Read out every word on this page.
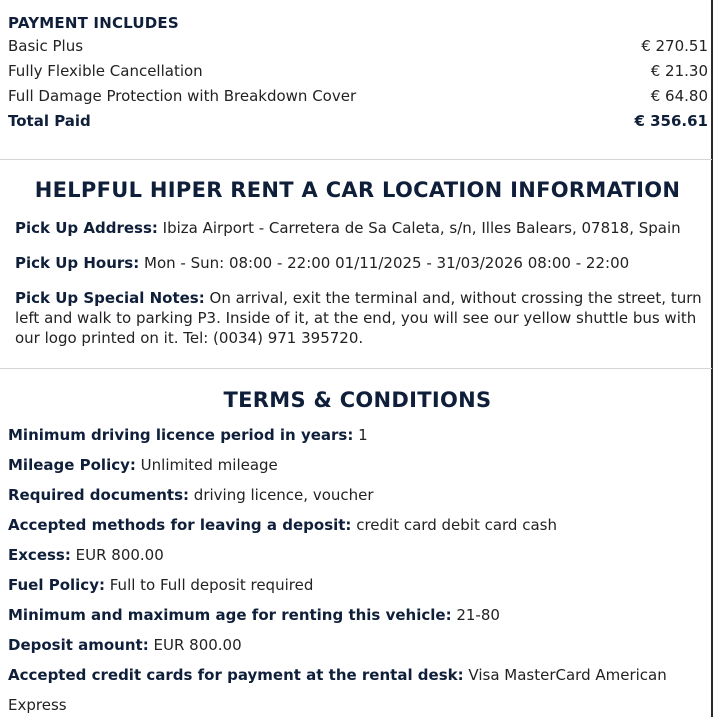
PAYMENT INCLUDES
Basic Plus	€ 270.51
Fully Flexible Cancellation	€ 21.30
Full Damage Protection with Breakdown Cover	€ 64.80
Total Paid	€ 356.61
HELPFUL HIPER RENT A CAR LOCATION INFORMATION
Pick Up Address: Ibiza Airport - Carretera de Sa Caleta, s/n, Illes Balears, 07818, Spain
Pick Up Hours: Mon - Sun: 08:00 - 22:00 01/11/2025 - 31/03/2026 08:00 - 22:00
Pick Up Special Notes: On arrival, exit the terminal and, without crossing the street, turn left and walk to parking P3. Inside of it, at the end, you will see our yellow shuttle bus with our logo printed on it. Tel: (0034) 971 395720.
TERMS & CONDITIONS
Minimum driving licence period in years: 1
Mileage Policy: Unlimited mileage
Required documents: driving licence, voucher
Accepted methods for leaving a deposit: credit card debit card cash
Excess: EUR 800.00
Fuel Policy: Full to Full deposit required
Minimum and maximum age for renting this vehicle: 21-80
Deposit amount: EUR 800.00
Accepted credit cards for payment at the rental desk: Visa MasterCard American
Express
